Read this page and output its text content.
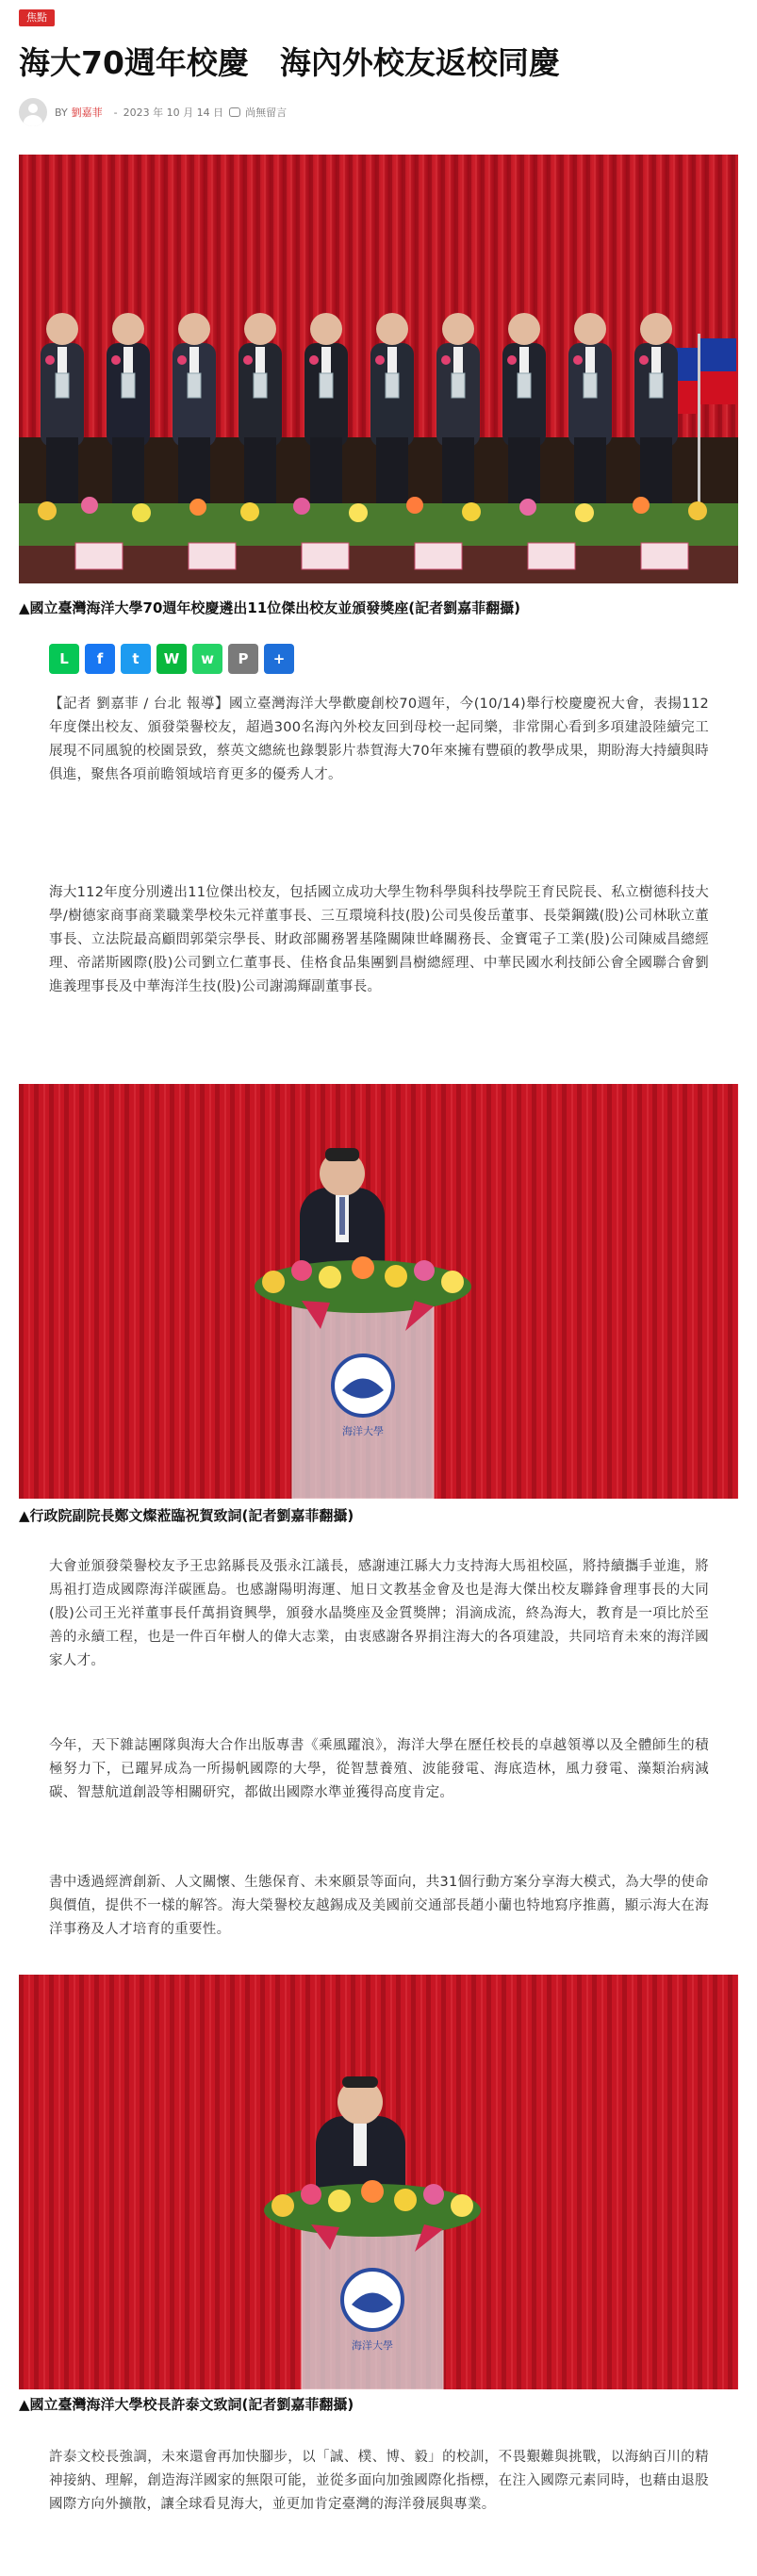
焦點
海大70週年校慶　海內外校友返校同慶
BY 劉嘉菲 - 2023 年 10 月 14 日 尚無留言

▲國立臺灣海洋大學70週年校慶遴出11位傑出校友並頒發獎座(記者劉嘉菲翻攝)

L	f	t	W	w	P	+

【記者 劉嘉菲 / 台北 報導】國立臺灣海洋大學歡慶創校70週年，今(10/14)舉行校慶慶祝大會，表揚112年度傑出校友、頒發榮譽校友，超過300名海內外校友回到母校一起同樂，非常開心看到多項建設陸續完工展現不同風貌的校園景致，蔡英文總統也錄製影片恭賀海大70年來擁有豐碩的教學成果，期盼海大持續與時俱進，聚焦各項前瞻領域培育更多的優秀人才。

海大112年度分別遴出11位傑出校友，包括國立成功大學生物科學與科技學院王育民院長、私立樹德科技大學/樹德家商事商業職業學校朱元祥董事長、三互環境科技(股)公司吳俊岳董事、長榮鋼鐵(股)公司林耿立董事長、立法院最高顧問郭榮宗學長、財政部關務署基隆關陳世峰關務長、金寶電子工業(股)公司陳威昌總經理、帝諾斯國際(股)公司劉立仁董事長、佳格食品集團劉昌樹總經理、中華民國水利技師公會全國聯合會劉進義理事長及中華海洋生技(股)公司謝鴻輝副董事長。

海洋大學

▲行政院副院長鄭文燦蒞臨祝賀致詞(記者劉嘉菲翻攝)

大會並頒發榮譽校友予王忠銘縣長及張永江議長，感謝連江縣大力支持海大馬祖校區，將持續攜手並進，將馬祖打造成國際海洋碳匯島。也感謝陽明海運、旭日文教基金會及也是海大傑出校友聯鋒會理事長的大同(股)公司王光祥董事長仟萬捐資興學，頒發水晶獎座及金質獎牌；涓滴成流，終為海大，教育是一項比於至善的永續工程，也是一件百年樹人的偉大志業，由衷感謝各界捐注海大的各項建設，共同培育未來的海洋國家人才。

今年，天下雜誌團隊與海大合作出版專書《乘風躍浪》，海洋大學在歷任校長的卓越領導以及全體師生的積極努力下，已躍昇成為一所揚帆國際的大學，從智慧養殖、波能發電、海底造林，風力發電、藻類治病減碳、智慧航道創設等相關研究，都做出國際水準並獲得高度肯定。

書中透過經濟創新、人文關懷、生態保育、未來願景等面向，共31個行動方案分享海大模式，為大學的使命與價值，提供不一樣的解答。海大榮譽校友越錫成及美國前交通部長趙小蘭也特地寫序推薦，顯示海大在海洋事務及人才培育的重要性。

海洋大學

▲國立臺灣海洋大學校長許泰文致詞(記者劉嘉菲翻攝)

許泰文校長強調，未來還會再加快腳步，以「誠、樸、博、毅」的校訓，不畏艱難與挑戰，以海納百川的精神接納、理解，創造海洋國家的無限可能，並從多面向加強國際化指標，在注入國際元素同時，也藉由退股國際方向外擴散，讓全球看見海大，並更加肯定臺灣的海洋發展與專業。
